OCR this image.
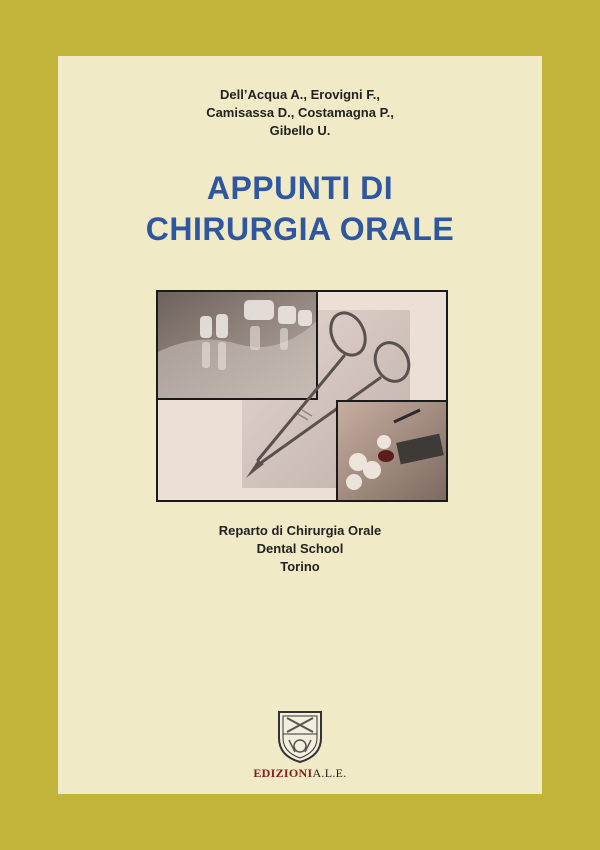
Dell’Acqua A., Erovigni F.,
Camisassa D., Costamagna P.,
Gibello U.
APPUNTI DI
CHIRURGIA ORALE
Reparto di Chirurgia Orale
Dental School
Torino
EDIZIONIA.L.E.
